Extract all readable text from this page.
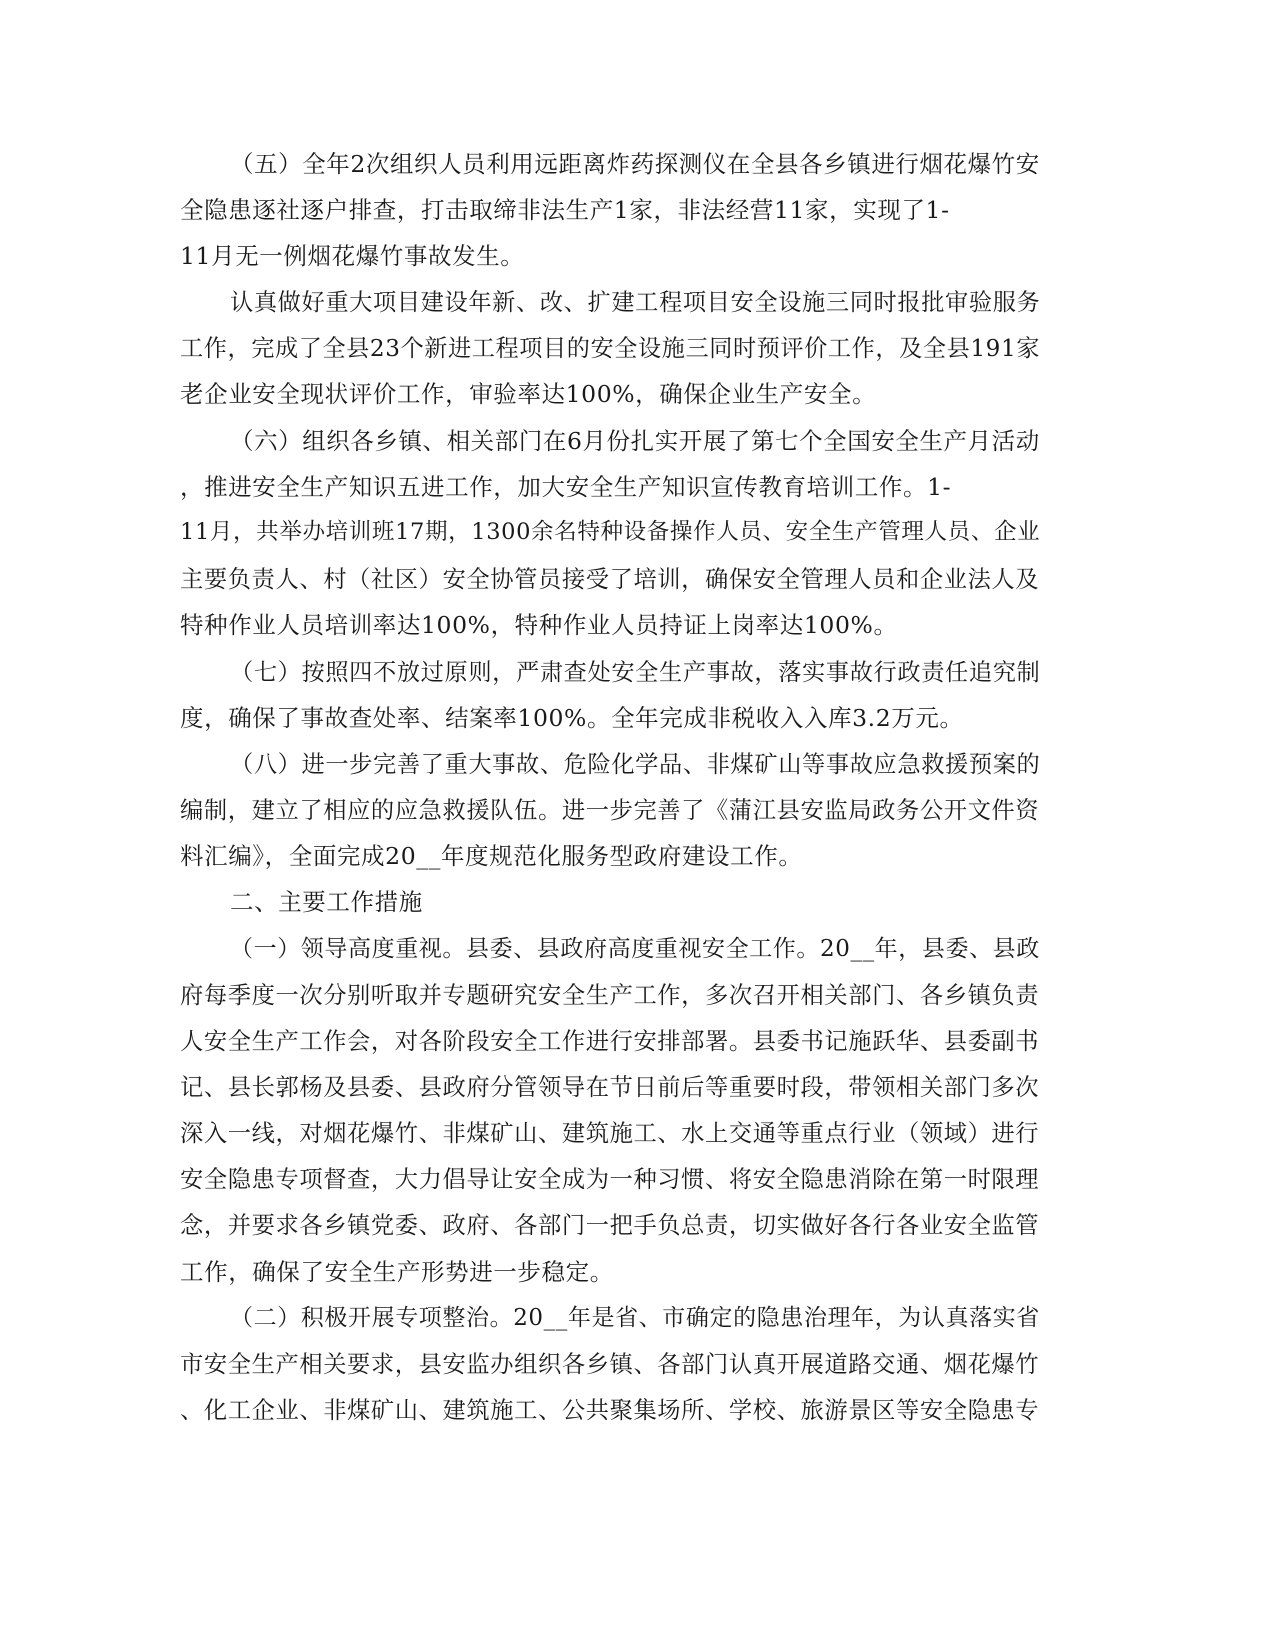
（五）全年2次组织人员利用远距离炸药探测仪在全县各乡镇进行烟花爆竹安

全隐患逐社逐户排查，打击取缔非法生产1家，非法经营11家，实现了1-

11月无一例烟花爆竹事故发生。

认真做好重大项目建设年新、改、扩建工程项目安全设施三同时报批审验服务

工作，完成了全县23个新进工程项目的安全设施三同时预评价工作，及全县191家

老企业安全现状评价工作，审验率达100%，确保企业生产安全。

（六）组织各乡镇、相关部门在6月份扎实开展了第七个全国安全生产月活动

，推进安全生产知识五进工作，加大安全生产知识宣传教育培训工作。1-

11月，共举办培训班17期，1300余名特种设备操作人员、安全生产管理人员、企业

主要负责人、村（社区）安全协管员接受了培训，确保安全管理人员和企业法人及

特种作业人员培训率达100%，特种作业人员持证上岗率达100%。

（七）按照四不放过原则，严肃查处安全生产事故，落实事故行政责任追究制

度，确保了事故查处率、结案率100%。全年完成非税收入入库3.2万元。

（八）进一步完善了重大事故、危险化学品、非煤矿山等事故应急救援预案的

编制，建立了相应的应急救援队伍。进一步完善了《蒲江县安监局政务公开文件资

料汇编》，全面完成20__年度规范化服务型政府建设工作。

二、主要工作措施

（一）领导高度重视。县委、县政府高度重视安全工作。20__年，县委、县政

府每季度一次分别听取并专题研究安全生产工作，多次召开相关部门、各乡镇负责

人安全生产工作会，对各阶段安全工作进行安排部署。县委书记施跃华、县委副书

记、县长郭杨及县委、县政府分管领导在节日前后等重要时段，带领相关部门多次

深入一线，对烟花爆竹、非煤矿山、建筑施工、水上交通等重点行业（领域）进行

安全隐患专项督查，大力倡导让安全成为一种习惯、将安全隐患消除在第一时限理

念，并要求各乡镇党委、政府、各部门一把手负总责，切实做好各行各业安全监管

工作，确保了安全生产形势进一步稳定。

（二）积极开展专项整治。20__年是省、市确定的隐患治理年，为认真落实省

市安全生产相关要求，县安监办组织各乡镇、各部门认真开展道路交通、烟花爆竹

、化工企业、非煤矿山、建筑施工、公共聚集场所、学校、旅游景区等安全隐患专
